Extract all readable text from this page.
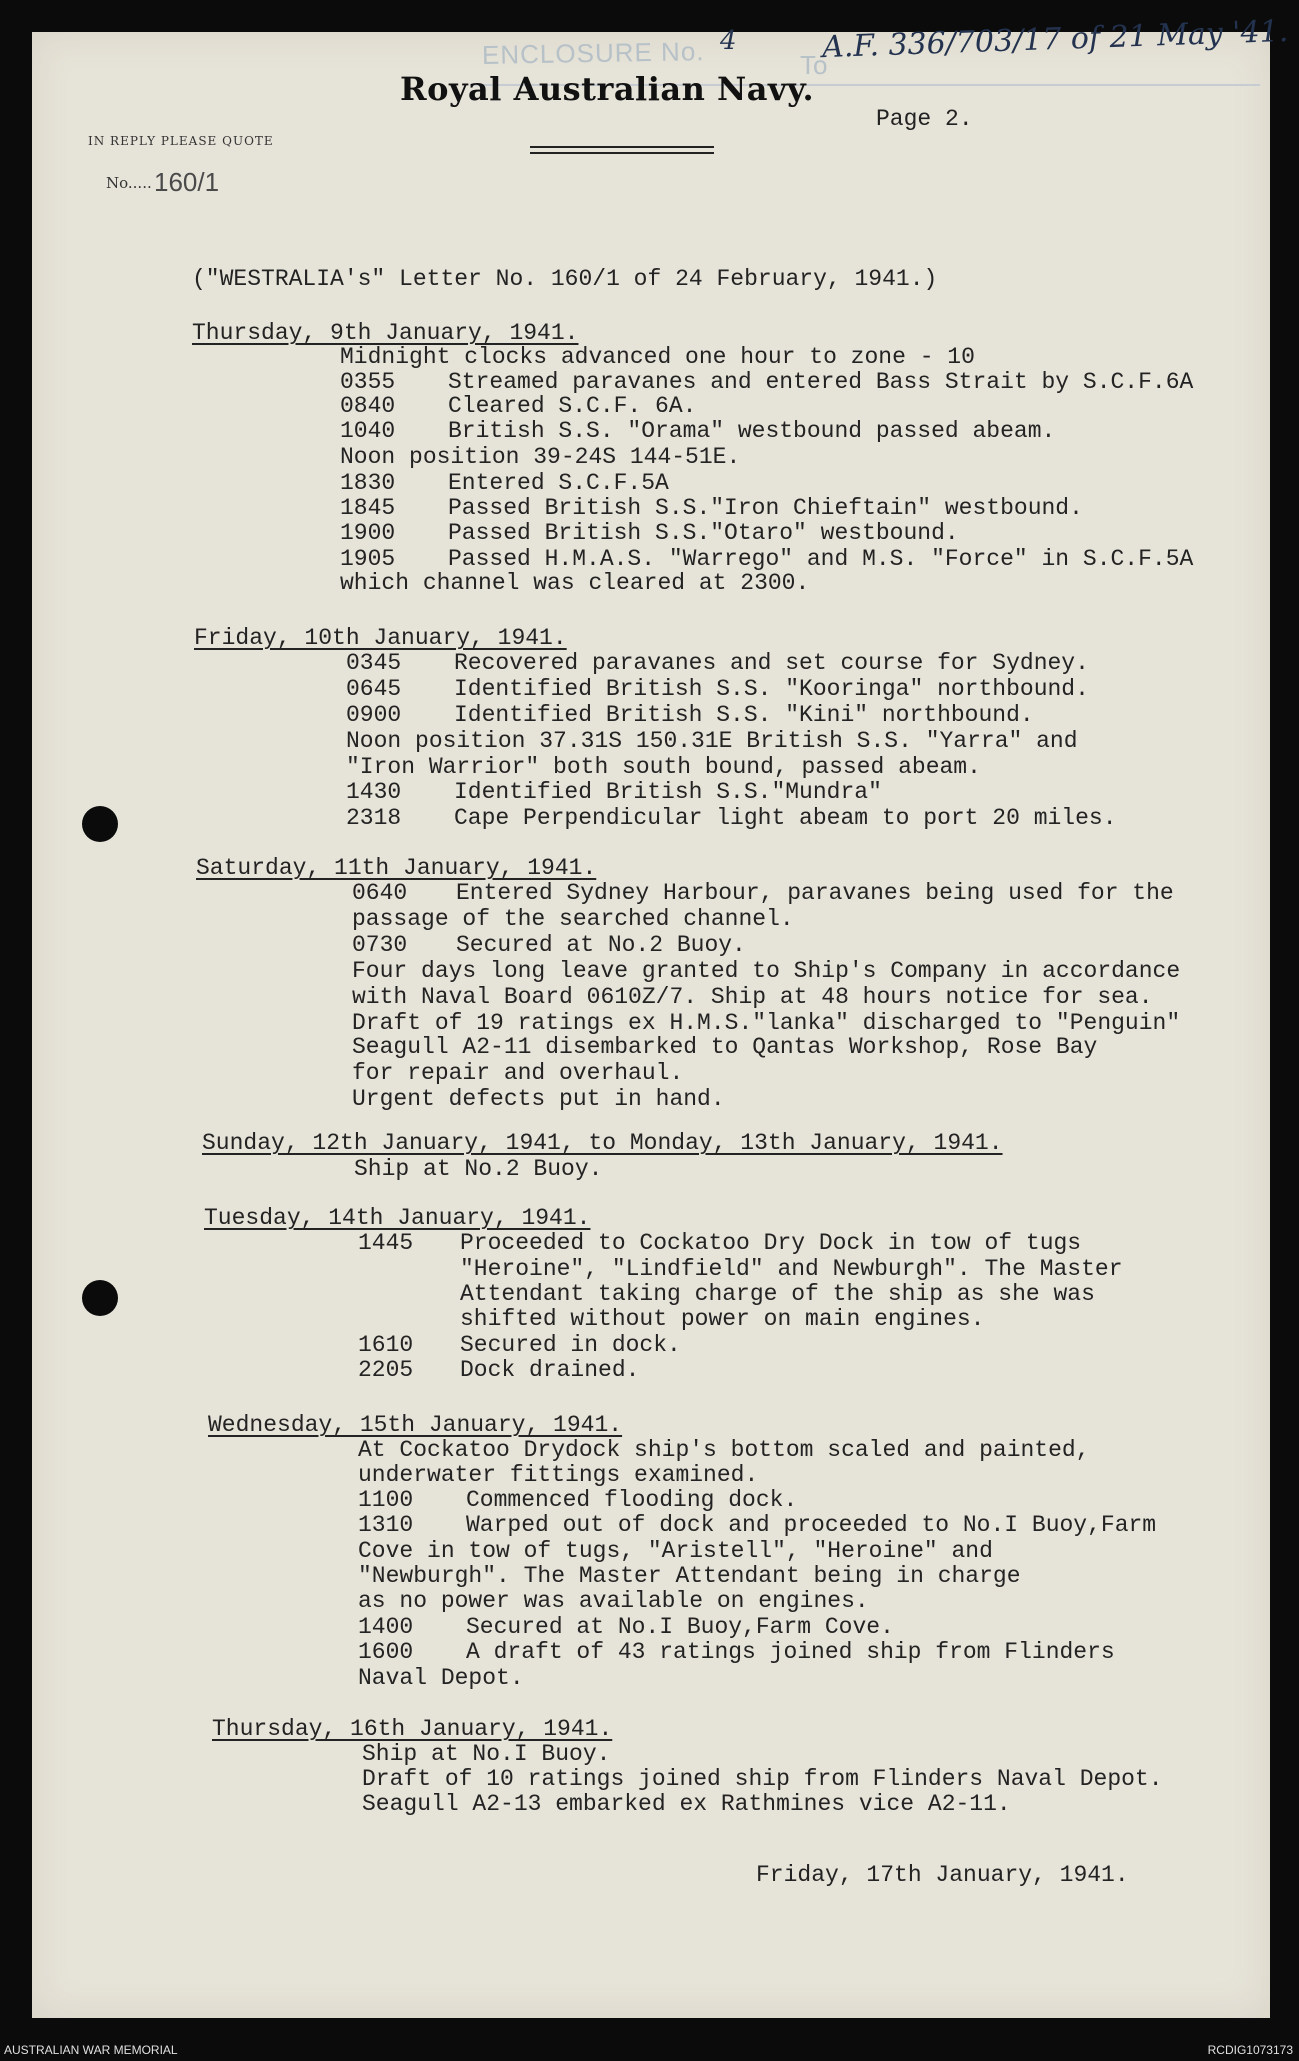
ENCLOSURE No. 4
To
A.F. 336/703/17 of 21 May '41.
Royal Australian Navy.
Page 2.
IN REPLY PLEASE QUOTE
No..... 160/1
("WESTRALIA's" Letter No. 160/1 of 24 February, 1941.)
Thursday, 9th January, 1941.
Midnight clocks advanced one hour to zone - 10
0355 Streamed paravanes and entered Bass Strait by S.C.F.6A
0840 Cleared S.C.F. 6A.
1040 British S.S. "Orama" westbound passed abeam.
Noon position 39-24S 144-51E.
1830 Entered S.C.F.5A
1845 Passed British S.S."Iron Chieftain" westbound.
1900 Passed British S.S."Otaro" westbound.
1905 Passed H.M.A.S. "Warrego" and M.S. "Force" in S.C.F.5A
which channel was cleared at 2300.
Friday, 10th January, 1941.
0345 Recovered paravanes and set course for Sydney.
0645 Identified British S.S. "Kooringa" northbound.
0900 Identified British S.S. "Kini" northbound.
Noon position 37.31S 150.31E British S.S. "Yarra" and
"Iron Warrior" both south bound, passed abeam.
1430 Identified British S.S."Mundra"
2318 Cape Perpendicular light abeam to port 20 miles.
Saturday, 11th January, 1941.
0640 Entered Sydney Harbour, paravanes being used for the
passage of the searched channel.
0730 Secured at No.2 Buoy.
Four days long leave granted to Ship's Company in accordance
with Naval Board 0610Z/7. Ship at 48 hours notice for sea.
Draft of 19 ratings ex H.M.S."lanka" discharged to "Penguin"
Seagull A2-11 disembarked to Qantas Workshop, Rose Bay
for repair and overhaul.
Urgent defects put in hand.
Sunday, 12th January, 1941, to Monday, 13th January, 1941.
Ship at No.2 Buoy.
Tuesday, 14th January, 1941.
1445 Proceeded to Cockatoo Dry Dock in tow of tugs
"Heroine", "Lindfield" and Newburgh". The Master
Attendant taking charge of the ship as she was
shifted without power on main engines.
1610 Secured in dock.
2205 Dock drained.
Wednesday, 15th January, 1941.
At Cockatoo Drydock ship's bottom scaled and painted,
underwater fittings examined.
1100 Commenced flooding dock.
1310 Warped out of dock and proceeded to No.I Buoy,Farm
Cove in tow of tugs, "Aristell", "Heroine" and
"Newburgh". The Master Attendant being in charge
as no power was available on engines.
1400 Secured at No.I Buoy,Farm Cove.
1600 A draft of 43 ratings joined ship from Flinders
Naval Depot.
Thursday, 16th January, 1941.
Ship at No.I Buoy.
Draft of 10 ratings joined ship from Flinders Naval Depot.
Seagull A2-13 embarked ex Rathmines vice A2-11.
Friday, 17th January, 1941.
AUSTRALIAN WAR MEMORIAL	RCDIG1073173
